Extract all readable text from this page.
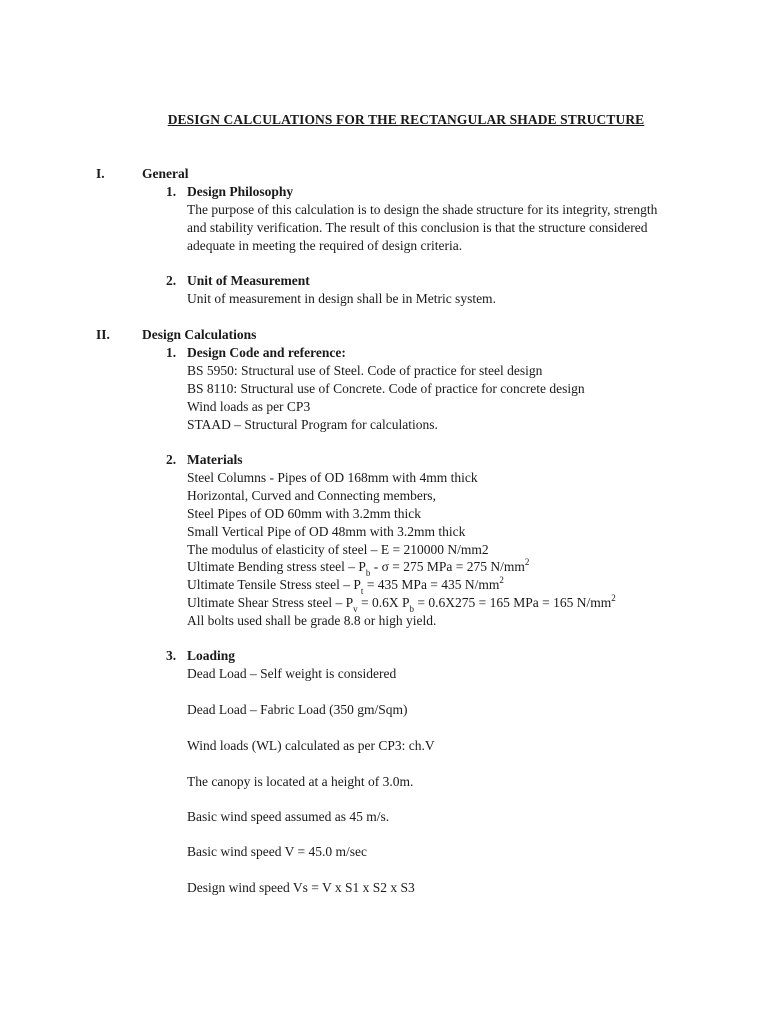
DESIGN CALCULATIONS FOR THE RECTANGULAR SHADE STRUCTURE
I.	General
1. Design Philosophy
The purpose of this calculation is to design the shade structure for its integrity, strength
and stability verification. The result of this conclusion is that the structure considered
adequate in meeting the required of design criteria.
2. Unit of Measurement
Unit of measurement in design shall be in Metric system.
II. Design Calculations
1. Design Code and reference:
BS 5950: Structural use of Steel. Code of practice for steel design
BS 8110: Structural use of Concrete. Code of practice for concrete design
Wind loads as per CP3
STAAD – Structural Program for calculations.
2. Materials
Steel Columns - Pipes of OD 168mm with 4mm thick
Horizontal, Curved and Connecting members,
Steel Pipes of OD 60mm with 3.2mm thick
Small Vertical Pipe of OD 48mm with 3.2mm thick
The modulus of elasticity of steel – E = 210000 N/mm2
Ultimate Bending stress steel – $P_b - \sigma = 275$ MPa = 275 $N/mm^2$
Ultimate Tensile Stress steel – $P_t = 435$ MPa = 435 $N/mm^2$
Ultimate Shear Stress steel – $P_v = 0.6X$ $P_b = 0.6X275 = 165$ MPa = 165 $N/mm^2$
All bolts used shall be grade 8.8 or high yield.
3. Loading
Dead Load – Self weight is considered
Dead Load – Fabric Load (350 gm/Sqm)
Wind loads (WL) calculated as per CP3: ch.V
The canopy is located at a height of 3.0m.
Basic wind speed assumed as 45 m/s.
Basic wind speed V = 45.0 m/sec
Design wind speed Vs = V x S1 x S2 x S3
